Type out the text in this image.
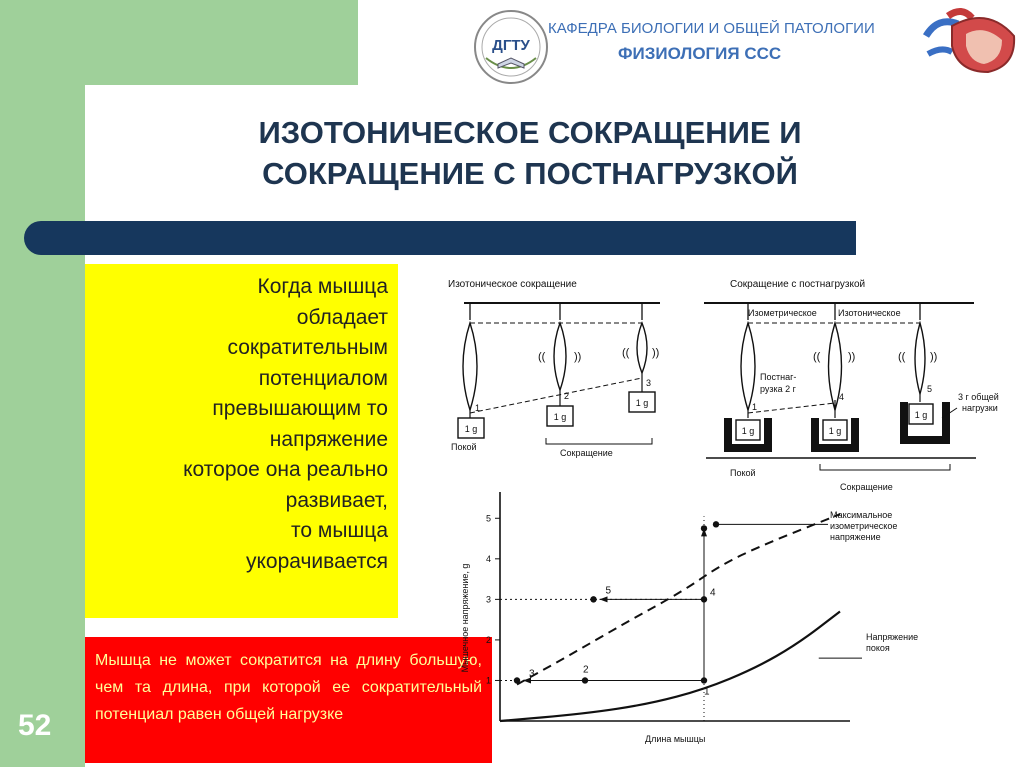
ДГТУ
КАФЕДРА БИОЛОГИИ И ОБЩЕЙ ПАТОЛОГИИ
ФИЗИОЛОГИЯ ССС
ИЗОТОНИЧЕСКОЕ СОКРАЩЕНИЕ И
СОКРАЩЕНИЕ С ПОСТНАГРУЗКОЙ
Когда мышца
обладает
сократительным
потенциалом
превышающим то
напряжение
которое она реально
развивает,
то мышца
укорачивается
Мышца не может сократится на длину большую, чем та длина, при которой ее сократительный потенциал равен общей нагрузке
52
Изотоническое сокращение
((	))	(( ))
1
2
3
1 g
1 g
1 g
Покой
Сокращение
Сокращение с постнагрузкой
Изометрическое Изотоническое
((	))	(( ))
1
4
5
Постнаг-
рузка 2 г
1 g	1 g
1 g
3 г общей
нагрузки
Покой
Сокращение
1
2
3
4
5
1
2
3
4
5
Мышечное напряжение, g
Длина мышцы
Максимальное
изометрическое
напряжение
Напряжение
покоя
